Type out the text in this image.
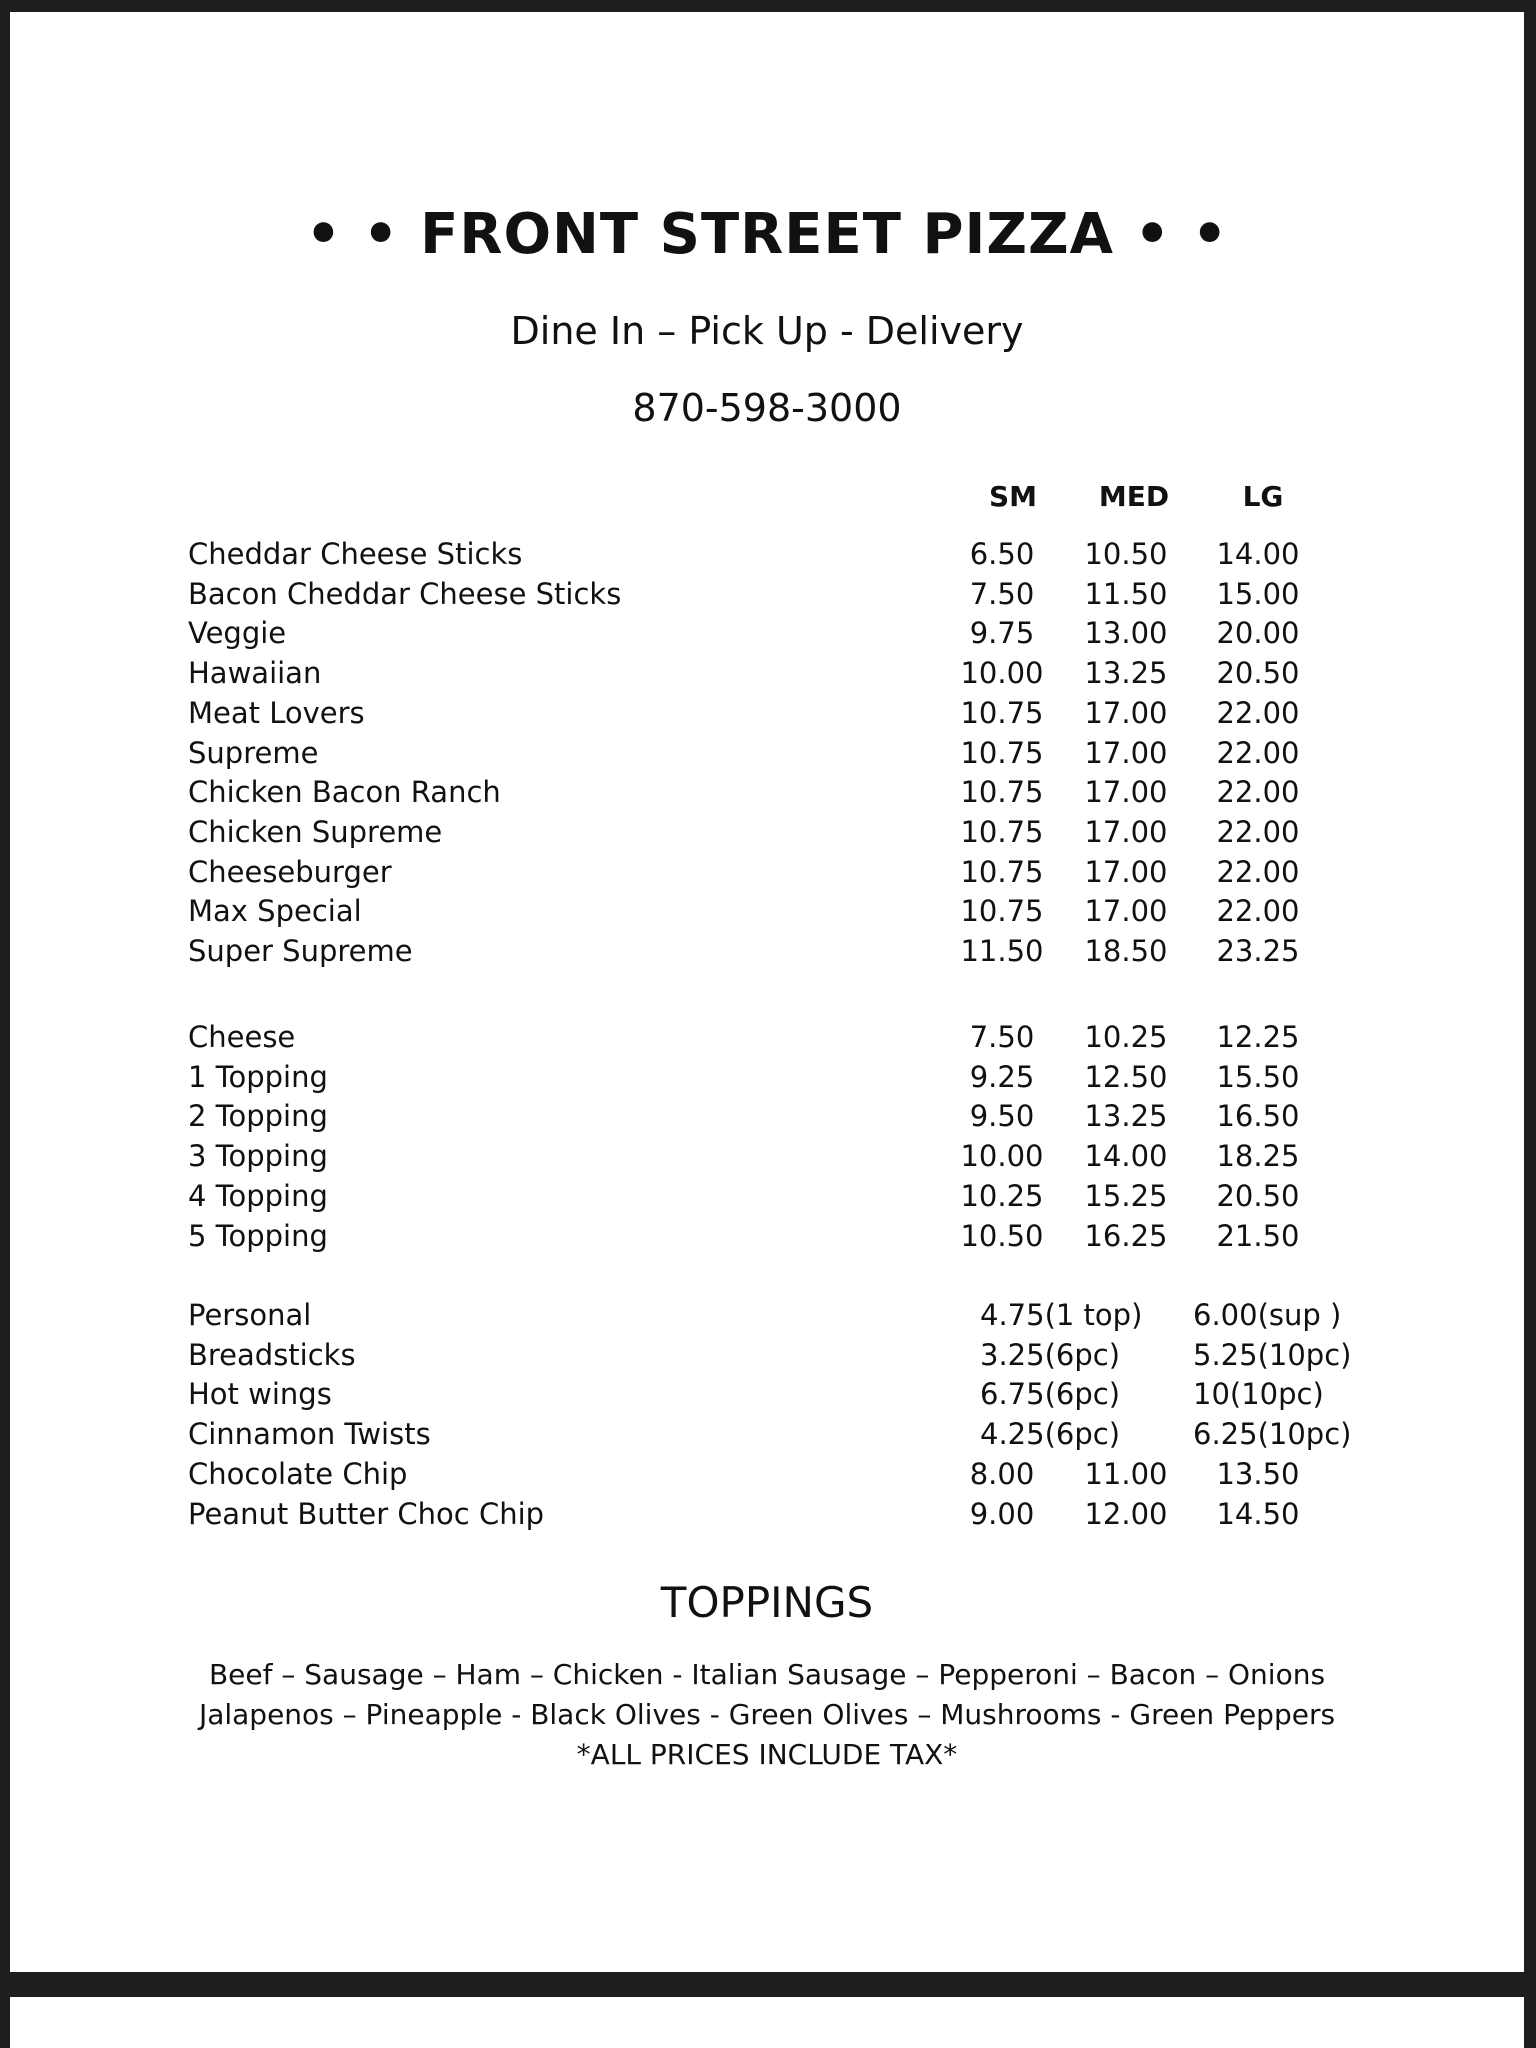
• • FRONT STREET PIZZA • •
Dine In – Pick Up - Delivery
870-598-3000
SM	MED	LG
Cheddar Cheese Sticks	6.50	10.50	14.00
Bacon Cheddar Cheese Sticks	7.50	11.50	15.00
Veggie	9.75	13.00	20.00
Hawaiian	10.00	13.25	20.50
Meat Lovers	10.75	17.00	22.00
Supreme	10.75	17.00	22.00
Chicken Bacon Ranch	10.75	17.00	22.00
Chicken Supreme	10.75	17.00	22.00
Cheeseburger	10.75	17.00	22.00
Max Special	10.75	17.00	22.00
Super Supreme	11.50	18.50	23.25
Cheese	7.50	10.25	12.25
1 Topping	9.25	12.50	15.50
2 Topping	9.50	13.25	16.50
3 Topping	10.00	14.00	18.25
4 Topping	10.25	15.25	20.50
5 Topping	10.50	16.25	21.50
Personal	4.75(1 top)	6.00(sup )
Breadsticks	3.25(6pc)	5.25(10pc)
Hot wings	6.75(6pc)	10(10pc)
Cinnamon Twists	4.25(6pc)	6.25(10pc)
Chocolate Chip	8.00	11.00	13.50
Peanut Butter Choc Chip	9.00	12.00	14.50
TOPPINGS
Beef – Sausage – Ham – Chicken - Italian Sausage – Pepperoni – Bacon – Onions
Jalapenos – Pineapple - Black Olives - Green Olives – Mushrooms - Green Peppers
*ALL PRICES INCLUDE TAX*
